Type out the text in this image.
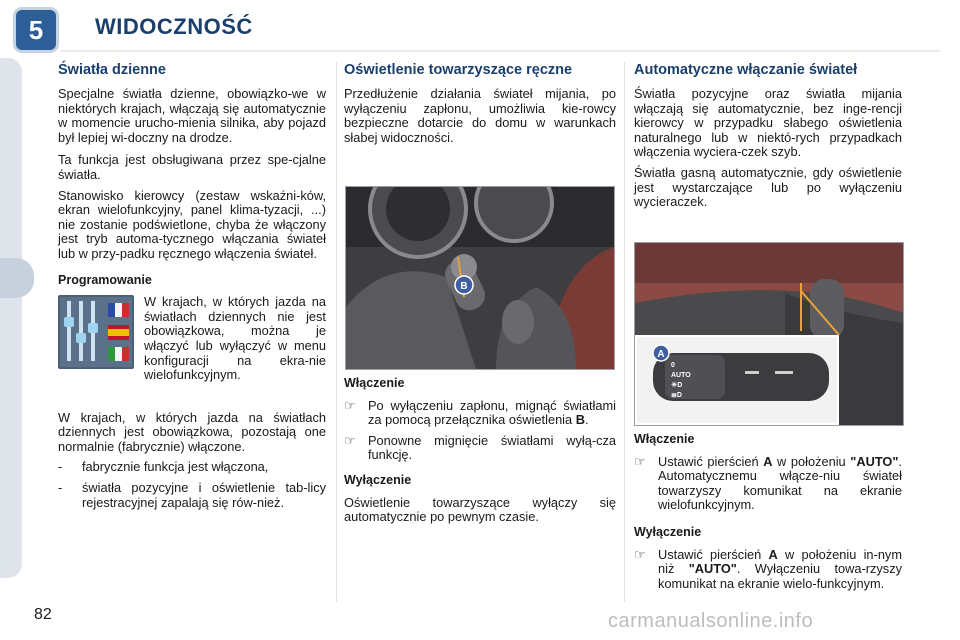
5	WIDOCZNOŚĆ
Światła dzienne

Specjalne światła dzienne, obowiązko-we w niektórych krajach, włączają się automatycznie w momencie urucho-mienia silnika, aby pojazd był lepiej wi-doczny na drodze.

Ta funkcja jest obsługiwana przez spe-cjalne światła.

Stanowisko kierowcy (zestaw wskaźni-ków, ekran wielofunkcyjny, panel klima-tyzacji, ...) nie zostanie podświetlone, chyba że włączony jest tryb automa-tycznego włączania świateł lub w przy-padku ręcznego włączenia świateł.

Programowanie
W krajach, w których jazda na światłach dziennych nie jest obowiązkowa, można je włączyć lub wyłączyć w menu konfiguracji na ekra-nie wielofunkcyjnym.

W krajach, w których jazda na światłach dziennych jest obowiązkowa, pozostają one normalnie (fabrycznie) włączone.

-	fabrycznie funkcja jest włączona,
-	światła pozycyjne i oświetlenie tab-licy rejestracyjnej zapalają się rów-nież.
Oświetlenie towarzyszące ręczne

Przedłużenie działania świateł mijania, po wyłączeniu zapłonu, umożliwia kie-rowcy bezpieczne dotarcie do domu w warunkach słabej widoczności.

B
Włączenie
☞ Po wyłączeniu zapłonu, mignąć światłami za pomocą przełącznika oświetlenia B.
☞ Ponowne mignięcie światłami wyłą-cza funkcję.
Wyłączenie

Oświetlenie towarzyszące wyłączy się automatycznie po pewnym czasie.

Automatyczne włączanie świateł

Światła pozycyjne oraz światła mijania włączają się automatycznie, bez inge-rencji kierowcy w przypadku słabego oświetlenia naturalnego lub w niektó-rych przypadkach włączenia wyciera-czek szyb.

Światła gasną automatycznie, gdy oświetlenie jest wystarczające lub po wyłączeniu wycieraczek.

A
0
AUTO
☀D
≣D
Włączenie
☞ Ustawić pierścień A w położeniu "AUTO". Automatycznemu włącze-niu świateł towarzyszy komunikat na ekranie wielofunkcyjnym.
Wyłączenie
☞ Ustawić pierścień A w położeniu in-nym niż "AUTO". Wyłączeniu towa-rzyszy komunikat na ekranie wielo-funkcyjnym.
82	carmanualsonline.info
